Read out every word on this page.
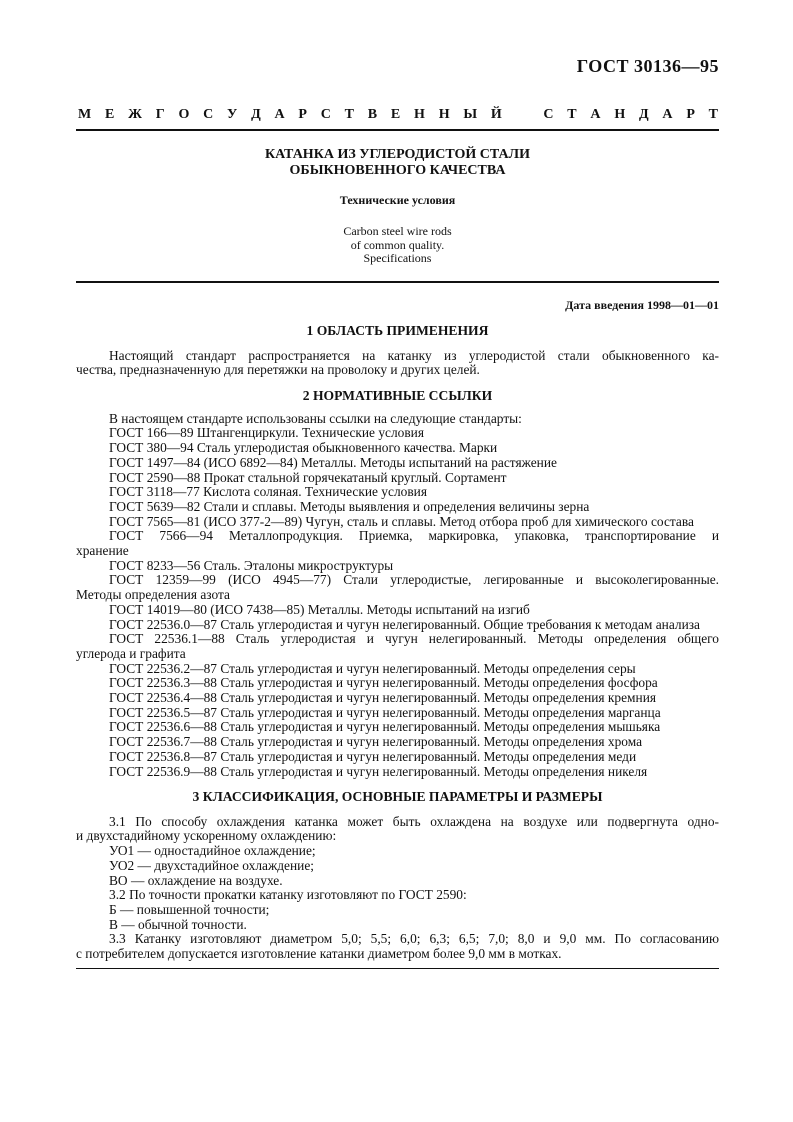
ГОСТ 30136—95
М Е Ж Г О С У Д А Р С Т В Е Н Н Ы Й	С Т А Н Д А Р Т
КАТАНКА ИЗ УГЛЕРОДИСТОЙ СТАЛИ
ОБЫКНОВЕННОГО КАЧЕСТВА
Технические условия
Carbon steel wire rods
of common quality.
Specifications
Дата введения 1998—01—01

1 ОБЛАСТЬ ПРИМЕНЕНИЯ

Настоящий стандарт распространяется на катанку из углеродистой стали обыкновенного ка-

чества, предназначенную для перетяжки на проволоку и других целей.

2 НОРМАТИВНЫЕ ССЫЛКИ

В настоящем стандарте использованы ссылки на следующие стандарты:

ГОСТ 166—89 Штангенциркули. Технические условия

ГОСТ 380—94 Сталь углеродистая обыкновенного качества. Марки

ГОСТ 1497—84 (ИСО 6892—84) Металлы. Методы испытаний на растяжение

ГОСТ 2590—88 Прокат стальной горячекатаный круглый. Сортамент

ГОСТ 3118—77 Кислота соляная. Технические условия

ГОСТ 5639—82 Стали и сплавы. Методы выявления и определения величины зерна

ГОСТ 7565—81 (ИСО 377-2—89) Чугун, сталь и сплавы. Метод отбора проб для химического состава

ГОСТ 7566—94 Металлопродукция. Приемка, маркировка, упаковка, транспортирование и

хранение

ГОСТ 8233—56 Сталь. Эталоны микроструктуры

ГОСТ 12359—99 (ИСО 4945—77) Стали углеродистые, легированные и высоколегированные.

Методы определения азота

ГОСТ 14019—80 (ИСО 7438—85) Металлы. Методы испытаний на изгиб

ГОСТ 22536.0—87 Сталь углеродистая и чугун нелегированный. Общие требования к методам анализа

ГОСТ 22536.1—88 Сталь углеродистая и чугун нелегированный. Методы определения общего

углерода и графита

ГОСТ 22536.2—87 Сталь углеродистая и чугун нелегированный. Методы определения серы

ГОСТ 22536.3—88 Сталь углеродистая и чугун нелегированный. Методы определения фосфора

ГОСТ 22536.4—88 Сталь углеродистая и чугун нелегированный. Методы определения кремния

ГОСТ 22536.5—87 Сталь углеродистая и чугун нелегированный. Методы определения марганца

ГОСТ 22536.6—88 Сталь углеродистая и чугун нелегированный. Методы определения мышьяка

ГОСТ 22536.7—88 Сталь углеродистая и чугун нелегированный. Методы определения хрома

ГОСТ 22536.8—87 Сталь углеродистая и чугун нелегированный. Методы определения меди

ГОСТ 22536.9—88 Сталь углеродистая и чугун нелегированный. Методы определения никеля

3 КЛАССИФИКАЦИЯ, ОСНОВНЫЕ ПАРАМЕТРЫ И РАЗМЕРЫ

3.1 По способу охлаждения катанка может быть охлаждена на воздухе или подвергнута одно-

и двухстадийному ускоренному охлаждению:

УО1 — одностадийное охлаждение;

УО2 — двухстадийное охлаждение;

ВО — охлаждение на воздухе.

3.2 По точности прокатки катанку изготовляют по ГОСТ 2590:

Б — повышенной точности;

В — обычной точности.

3.3 Катанку изготовляют диаметром 5,0; 5,5; 6,0; 6,3; 6,5; 7,0; 8,0 и 9,0 мм. По согласованию

с потребителем допускается изготовление катанки диаметром более 9,0 мм в мотках.
